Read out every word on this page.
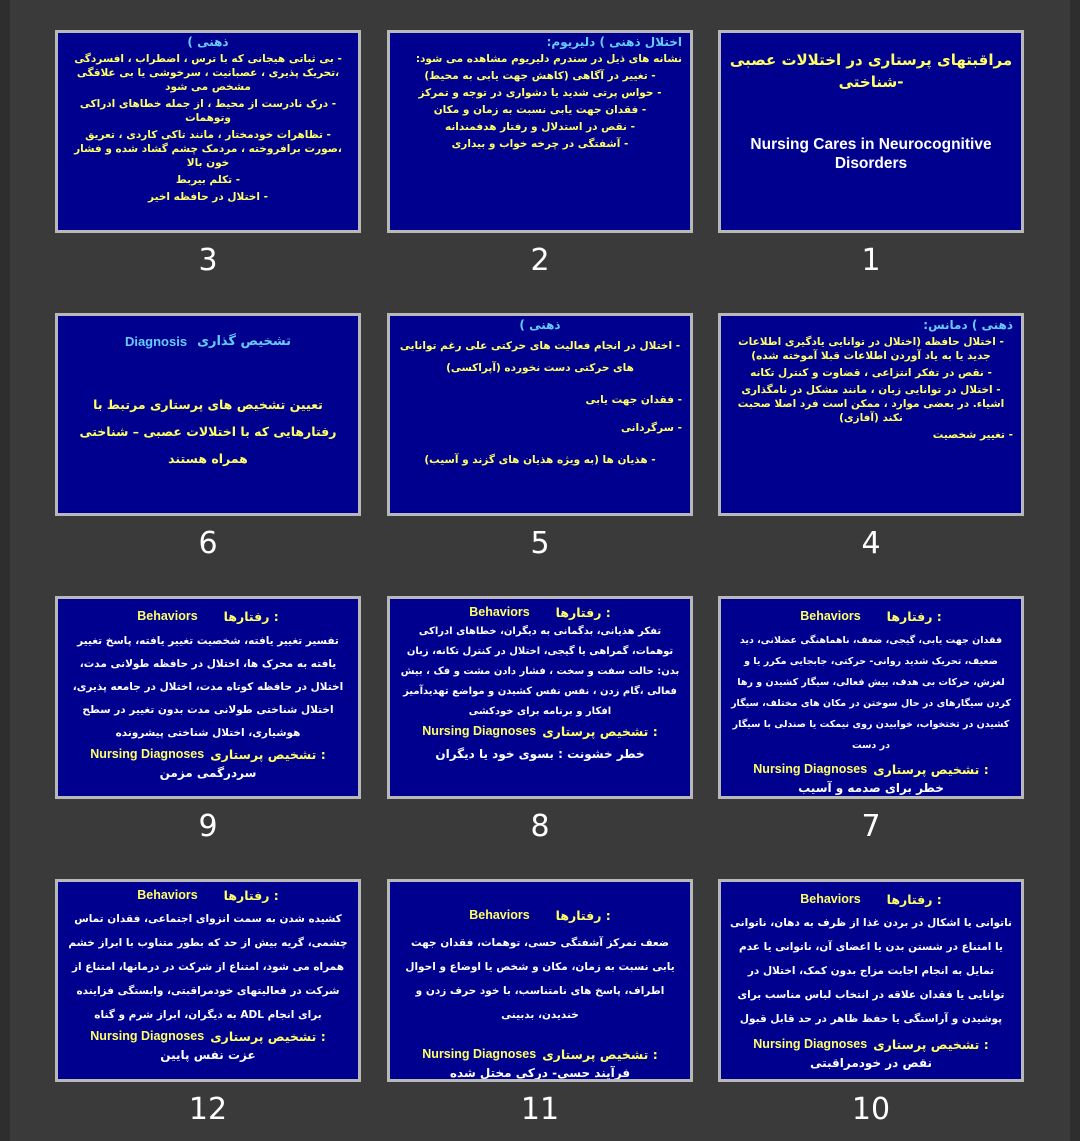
مراقبتهای پرستاری در اختلالات عصبی -شناختی
Nursing Cares in Neurocognitive Disorders
1
اختلال ذهنی ) دلیریوم:
نشانه های ذیل در سندرم دلیریوم مشاهده می شود:
- تغییر در آگاهی (کاهش جهت یابی به محیط)
- حواس پرتی شدید یا دشواری در توجه و تمرکز
- فقدان جهت یابی نسبت به زمان و مکان
- نقص در استدلال و رفتار هدفمندانه
- آشفتگی در چرخه خواب و بیداری
2
ذهنی )
- بی ثباتی هیجانی که با ترس ، اضطراب ، افسردگی ،تحریک پذیری ، عصبانیت ، سرخوشی یا بی علاقگی مشخص می شود
- درک نادرست از محیط ، از جمله خطاهای ادراکی وتوهمات
- تظاهرات خودمختار ، مانند تاکی کاردی ، تعریق ،صورت برافروخته ، مردمک چشم گشاد شده و فشار خون بالا
- تکلم بیربط
- اختلال در حافظه اخیر
3
ذهنی ) دمانس:
- اختلال حافظه (اختلال در توانایی یادگیری اطلاعات جدید یا به یاد آوردن اطلاعات قبلا آموخته شده)
- نقص در تفکر انتزاعی ، قضاوت و کنترل تکانه
- اختلال در توانایی زبان ، مانند مشکل در نامگذاری اشیاء. در بعضی موارد ، ممکن است فرد اصلا صحبت نکند (آفازی)
- تغییر شخصیت
4
ذهنی )
- اختلال در انجام فعالیت های حرکتی علی رغم توانایی های حرکتی دست نخورده (آپراکسی)
- فقدان جهت یابی
- سرگردانی
- هذیان ها (به ویژه هذیان های گزند و آسیب)
5
Diagnosis تشخیص گذاری
تعیین تشخیص های پرستاری مرتبط با رفتارهایی که با اختلالات عصبی – شناختی همراه هستند
6
Behaviors رفتارها :
فقدان جهت یابی، گیجی، ضعف، ناهماهنگی عضلانی، دید ضعیف، تحریک شدید روانی- حرکتی، جابجایی مکرر یا و لغزش، حرکات بی هدف، بیش فعالی، سیگار کشیدن و رها کردن سیگارهای در حال سوختن در مکان های مختلف، سیگار کشیدن در تختخواب، خوابیدن روی نیمکت یا صندلی با سیگار در دست
Nursing Diagnoses تشخیص پرستاری :
خطر برای صدمه و آسیب
7
Behaviors رفتارها :
تفکر هذیانی، بدگمانی به دیگران، خطاهای ادراکی توهمات، گمراهی یا گیجی، اختلال در کنترل تکانه، زبان بدن: حالت سفت و سخت ، فشار دادن مشت و فک ، بیش فعالی ،گام زدن ، نفس نفس کشیدن و مواضع تهدیدآمیز افکار و برنامه برای خودکشی
Nursing Diagnoses تشخیص پرستاری :
خطر خشونت : بسوی خود یا دیگران
8
Behaviors رفتارها :
تفسیر تغییر یافته، شخصیت تغییر یافته، پاسخ تغییر یافته به محرک ها، اختلال در حافظه طولانی مدت، اختلال در حافظه کوتاه مدت، اختلال در جامعه پذیری، اختلال شناختی طولانی مدت بدون تغییر در سطح هوشیاری، اختلال شناختی پیشرونده
Nursing Diagnoses تشخیص پرستاری :
سردرگمی مزمن
9
Behaviors رفتارها :
ناتوانی یا اشکال در بردن غذا از ظرف به دهان، ناتوانی یا امتناع در شستن بدن یا اعضای آن، ناتوانی یا عدم تمایل به انجام اجابت مزاج بدون کمک، اختلال در توانایی یا فقدان علاقه در انتخاب لباس مناسب برای پوشیدن و آراستگی یا حفظ ظاهر در حد قابل قبول
Nursing Diagnoses تشخیص پرستاری :
نقص در خودمراقبتی
10
Behaviors رفتارها :
ضعف تمرکز آشفتگی حسی، توهمات، فقدان جهت یابی نسبت به زمان، مکان و شخص یا اوضاع و احوال اطراف، پاسخ های نامتناسب، با خود حرف زدن و خندیدن، بدبینی
Nursing Diagnoses تشخیص پرستاری :
فرآیند حسی- درکی مختل شده
11
Behaviors رفتارها :
کشیده شدن به سمت انزوای اجتماعی، فقدان تماس چشمی، گریه بیش از حد که بطور متناوب با ابراز خشم همراه می شود، امتناع از شرکت در درمانها، امتناع از شرکت در فعالیتهای خودمراقبتی، وابستگی فزاینده برای انجام ADL به دیگران، ابراز شرم و گناه
Nursing Diagnoses تشخیص پرستاری :
عزت نفس پایین
12
